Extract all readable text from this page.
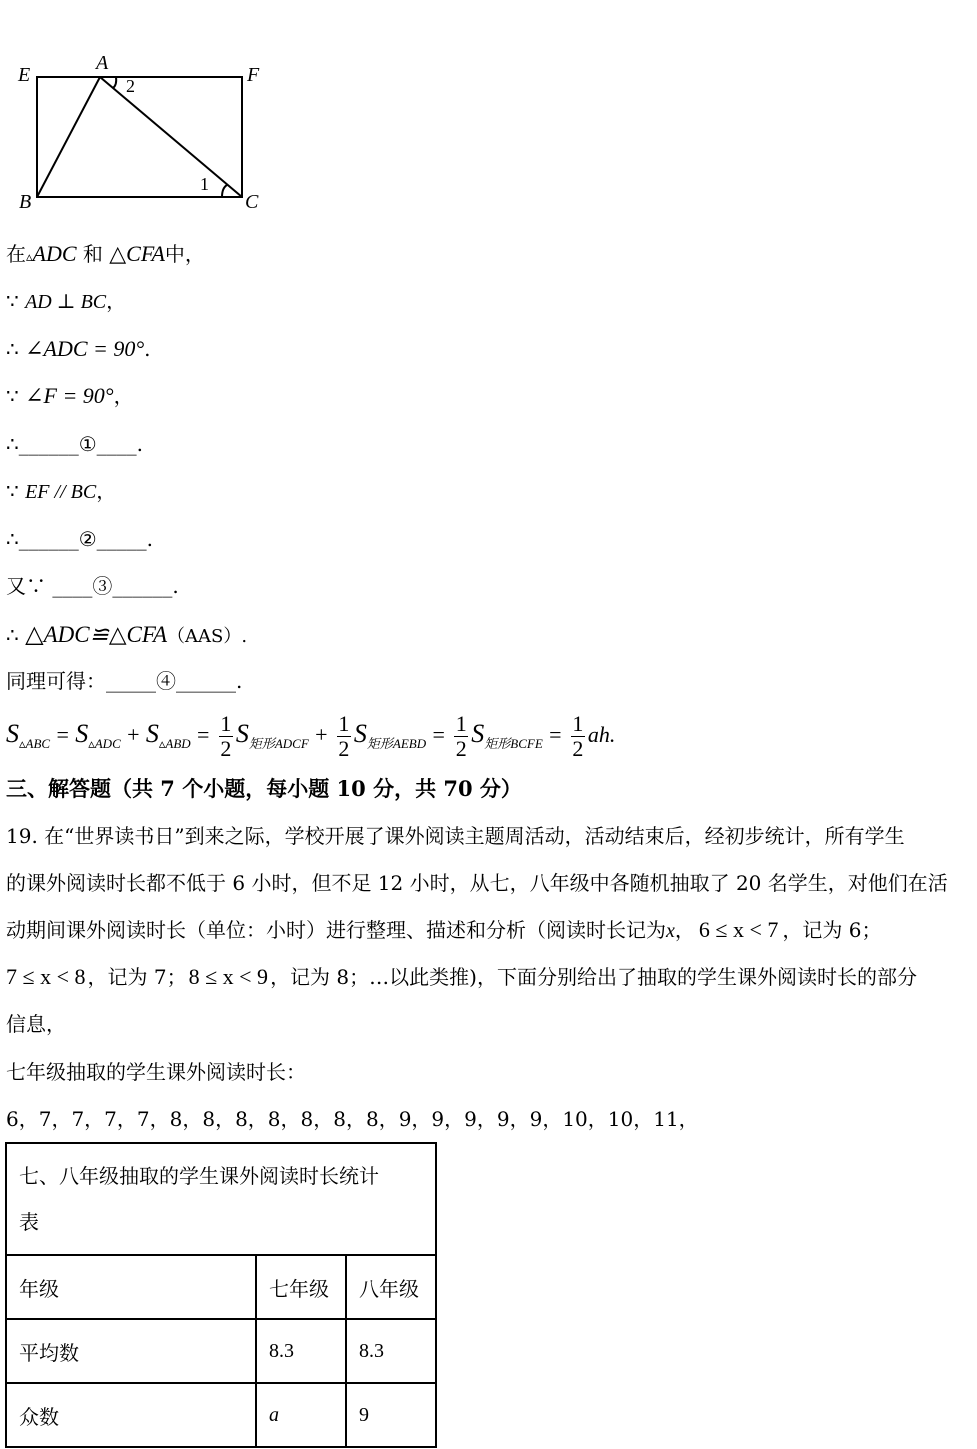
E
A
F
B	C
2
1
在▵ADC 和 △CFA中，
∵ AD ⊥ BC，
∴ ∠ADC = 90°.
∵ ∠F = 90°，
∴______①____.
∵ EF // BC，
∴______②_____.
又∵ ____③______.
∴ △ADC≌△CFA（AAS）.
同理可得：_____④______.
$S_{▵ABC} = S_{▵ADC} + S_{▵ABD} = \frac{1}{2} S_{矩形ADCF} + \frac{1}{2} S_{矩形AEBD} = \frac{1}{2} S_{矩形BCFE} = \frac{1}{2}$ ah.
三、解答题（共 7 个小题，每小题 10 分，共 70 分）
19. 在“世界读书日”到来之际，学校开展了课外阅读主题周活动，活动结束后，经初步统计，所有学生
的课外阅读时长都不低于 6 小时，但不足 12 小时，从七，八年级中各随机抽取了 20 名学生，对他们在活
动期间课外阅读时长（单位：小时）进行整理、描述和分析（阅读时长记为x， 6 ≤ x < 7 ，记为 6；
7 ≤ x < 8 ，记为 7；8 ≤ x < 9 ，记为 8；…以此类推)，下面分别给出了抽取的学生课外阅读时长的部分
信息，
七年级抽取的学生课外阅读时长：
6，7，7，7，7，8，8，8，8，8，8，8，9，9，9，9，9，10，10，11，
七、八年级抽取的学生课外阅读时长统计
表		

年级	七年级	八年级
平均数	8.3	8.3
众数	a	9
